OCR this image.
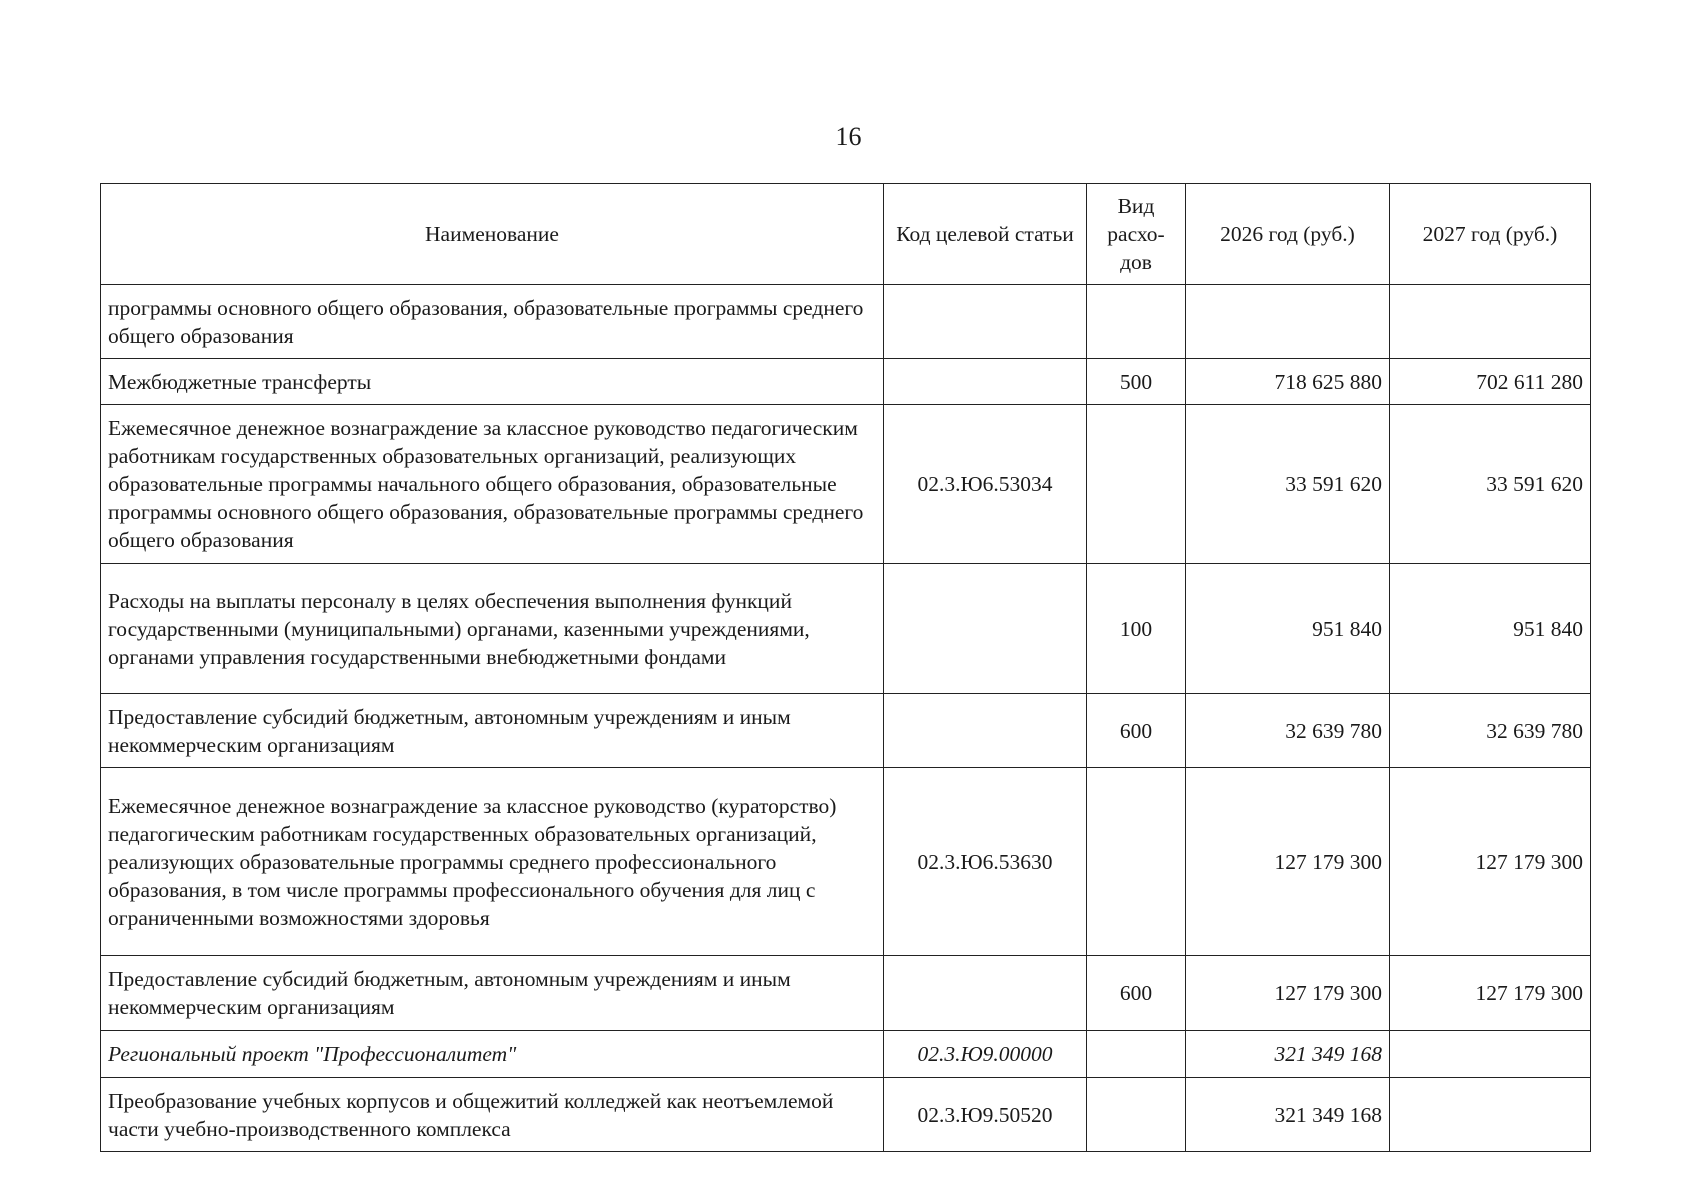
16
Наименование	Код целевой статьи	Вид расхо-дов	2026 год (руб.)	2027 год (руб.)
программы основного общего образования, образовательные программы среднего общего образования				
Межбюджетные трансферты		500	718 625 880	702 611 280
Ежемесячное денежное вознаграждение за классное руководство педагогическим работникам государственных образовательных организаций, реализующих образовательные программы начального общего образования, образовательные программы основного общего образования, образовательные программы среднего общего образования	02.3.Ю6.53034		33 591 620	33 591 620
Расходы на выплаты персоналу в целях обеспечения выполнения функций государственными (муниципальными) органами, казенными учреждениями, органами управления государственными внебюджетными фондами		100	951 840	951 840
Предоставление субсидий бюджетным, автономным учреждениям и иным некоммерческим организациям		600	32 639 780	32 639 780
Ежемесячное денежное вознаграждение за классное руководство (кураторство) педагогическим работникам государственных образовательных организаций, реализующих образовательные программы среднего профессионального образования, в том числе программы профессионального обучения для лиц с ограниченными возможностями здоровья	02.3.Ю6.53630		127 179 300	127 179 300
Предоставление субсидий бюджетным, автономным учреждениям и иным некоммерческим организациям		600	127 179 300	127 179 300
Региональный проект "Профессионалитет"	02.3.Ю9.00000		321 349 168	
Преобразование учебных корпусов и общежитий колледжей как неотъемлемой части учебно-производственного комплекса	02.3.Ю9.50520		321 349 168	
